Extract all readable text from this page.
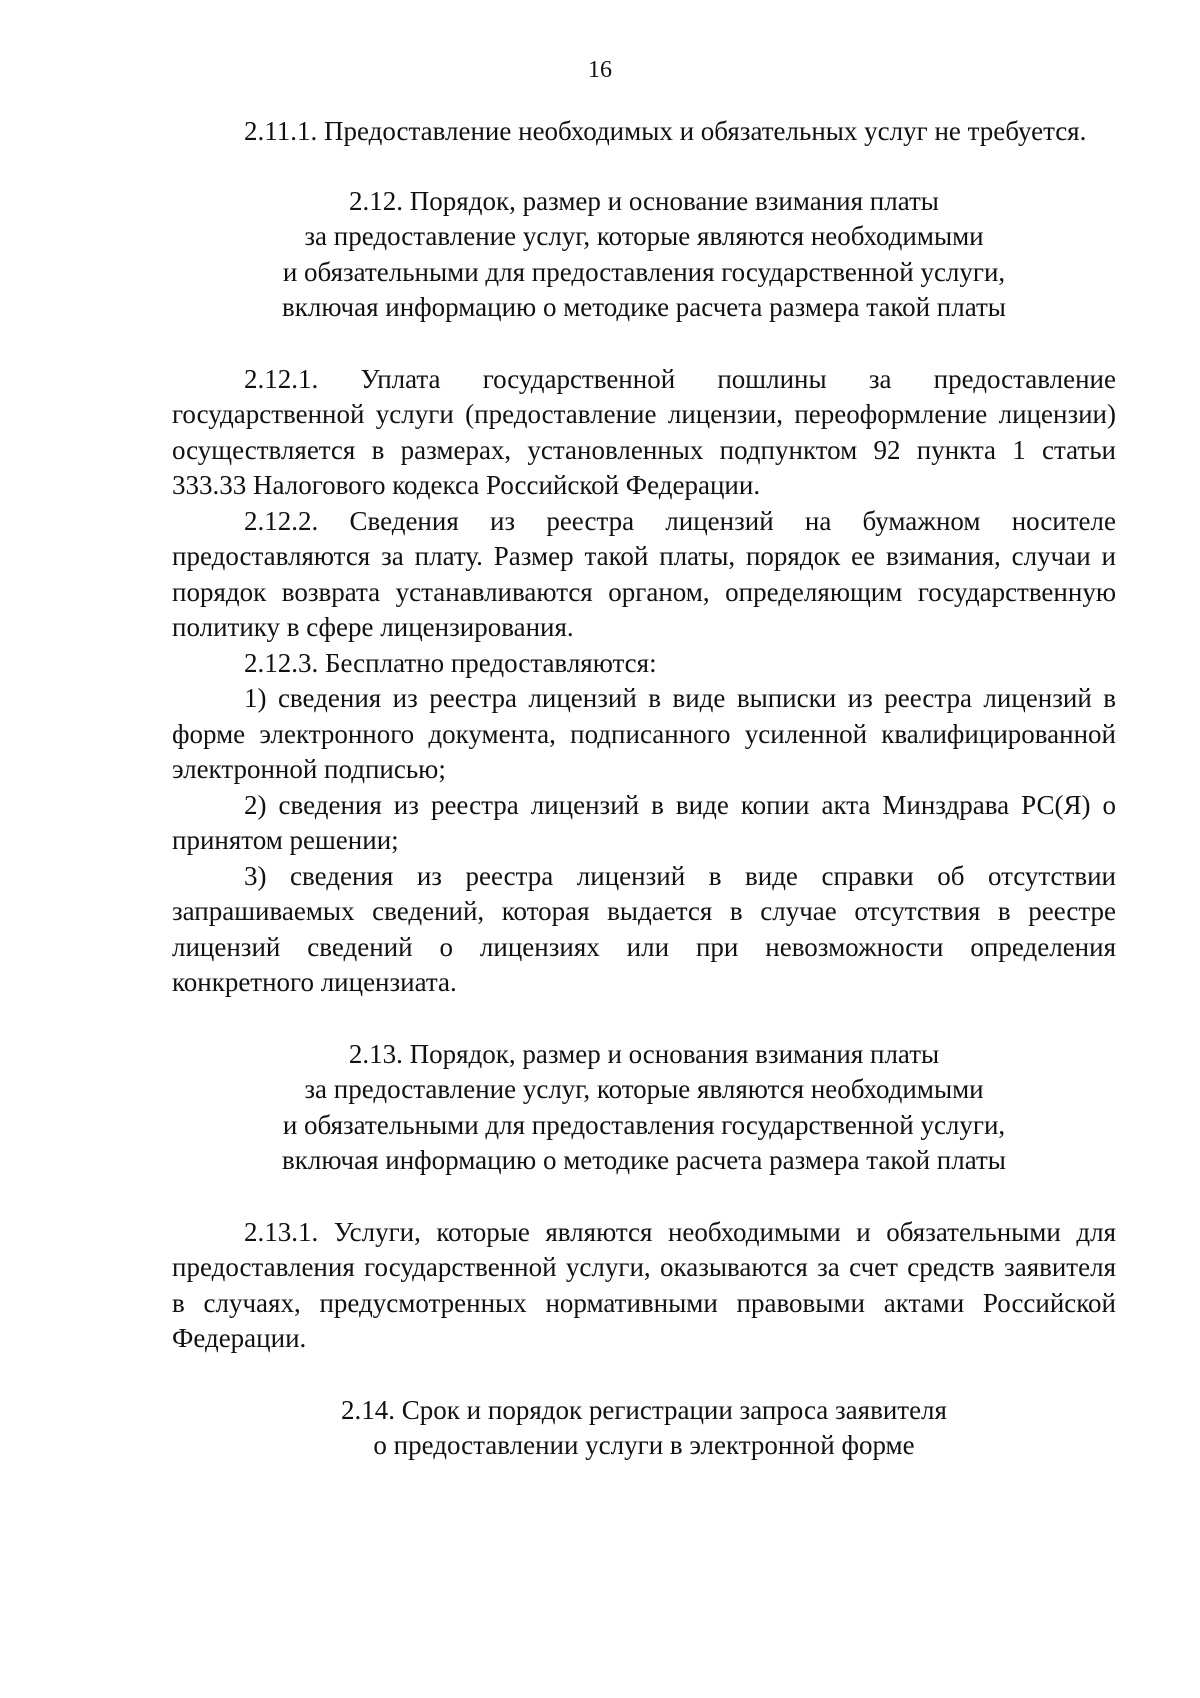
16

2.11.1. Предоставление необходимых и обязательных услуг не требуется.

2.12. Порядок, размер и основание взимания платы
за предоставление услуг, которые являются необходимыми
и обязательными для предоставления государственной услуги,
включая информацию о методике расчета размера такой платы

2.12.1. Уплата государственной пошлины за предоставление государственной услуги (предоставление лицензии, переоформление лицензии) осуществляется в размерах, установленных подпунктом 92 пункта 1 статьи 333.33 Налогового кодекса Российской Федерации.

2.12.2. Сведения из реестра лицензий на бумажном носителе предоставляются за плату. Размер такой платы, порядок ее взимания, случаи и порядок возврата устанавливаются органом, определяющим государственную политику в сфере лицензирования.

2.12.3. Бесплатно предоставляются:

1) сведения из реестра лицензий в виде выписки из реестра лицензий в форме электронного документа, подписанного усиленной квалифицированной электронной подписью;

2) сведения из реестра лицензий в виде копии акта Минздрава РС(Я) о принятом решении;

3) сведения из реестра лицензий в виде справки об отсутствии запрашиваемых сведений, которая выдается в случае отсутствия в реестре лицензий сведений о лицензиях или при невозможности определения конкретного лицензиата.

2.13. Порядок, размер и основания взимания платы
за предоставление услуг, которые являются необходимыми
и обязательными для предоставления государственной услуги,
включая информацию о методике расчета размера такой платы

2.13.1. Услуги, которые являются необходимыми и обязательными для предоставления государственной услуги, оказываются за счет средств заявителя в случаях, предусмотренных нормативными правовыми актами Российской Федерации.

2.14. Срок и порядок регистрации запроса заявителя
о предоставлении услуги в электронной форме
